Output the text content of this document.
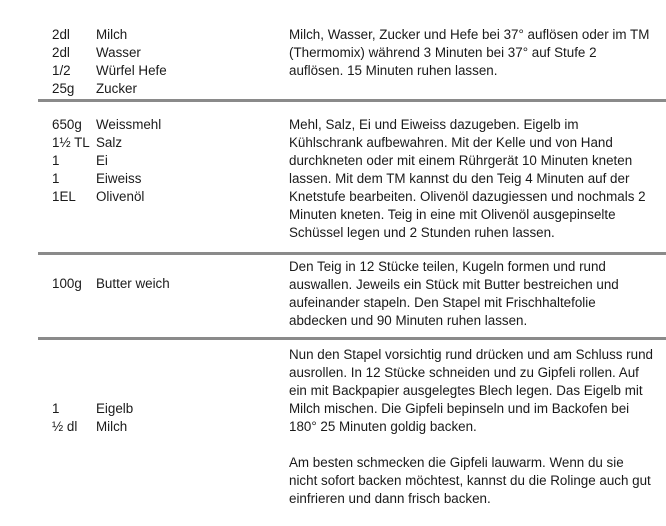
2dl	Milch
2dl	Wasser
1/2	Würfel Hefe
25g	Zucker

Milch, Wasser, Zucker und Hefe bei 37° auflösen oder im TM (Thermomix) während 3 Minuten bei 37° auf Stufe 2 auflösen. 15 Minuten ruhen lassen.

650g	Weissmehl
1½ TL Salz
1	Ei
1	Eiweiss
1EL	Olivenöl

Mehl, Salz, Ei und Eiweiss dazugeben. Eigelb im Kühlschrank aufbewahren. Mit der Kelle und von Hand durchkneten oder mit einem Rührgerät 10 Minuten kneten lassen. Mit dem TM kannst du den Teig 4 Minuten auf der Knetstufe bearbeiten. Olivenöl dazugiessen und nochmals 2 Minuten kneten. Teig in eine mit Olivenöl ausgepinselte Schüssel legen und 2 Stunden ruhen lassen.

100g	Butter weich

Den Teig in 12 Stücke teilen, Kugeln formen und rund auswallen. Jeweils ein Stück mit Butter bestreichen und aufeinander stapeln. Den Stapel mit Frischhaltefolie abdecken und 90 Minuten ruhen lassen.

1	Eigelb
½ dl	Milch

Nun den Stapel vorsichtig rund drücken und am Schluss rund ausrollen. In 12 Stücke schneiden und zu Gipfeli rollen. Auf ein mit Backpapier ausgelegtes Blech legen. Das Eigelb mit Milch mischen. Die Gipfeli bepinseln und im Backofen bei 180° 25 Minuten goldig backen.

Am besten schmecken die Gipfeli lauwarm. Wenn du sie nicht sofort backen möchtest, kannst du die Rolinge auch gut einfrieren und dann frisch backen.
